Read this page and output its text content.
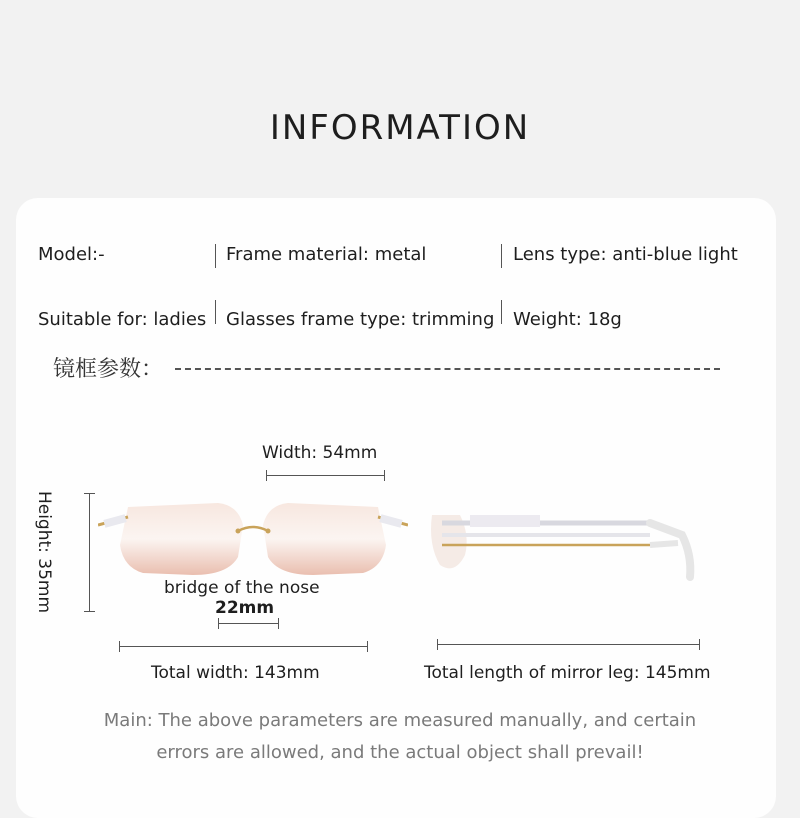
INFORMATION
Model:-	Frame material: metal	Lens type: anti-blue light
Suitable for: ladies Glasses frame type: trimming Weight: 18g
镜框参数：
Width: 54mm
Height: 35mm	bridge of the nose
22mm
Total width: 143mm	Total length of mirror leg: 145mm
Main: The above parameters are measured manually, and certain
errors are allowed, and the actual object shall prevail!
